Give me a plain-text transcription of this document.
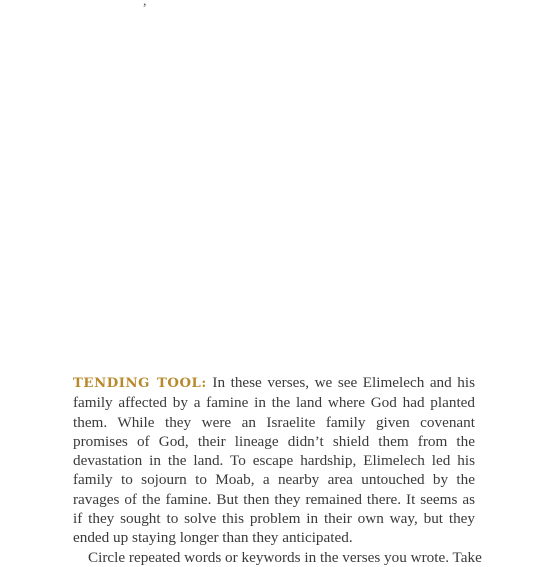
,

TENDING TOOL: In these verses, we see Elimelech and his family affected by a famine in the land where God had planted them. While they were an Israelite family given covenant promises of God, their lineage didn’t shield them from the devastation in the land. To escape hardship, Elimelech led his family to sojourn to Moab, a nearby area untouched by the ravages of the famine. But then they remained there. It seems as if they sought to solve this problem in their own way, but they ended up staying longer than they anticipated.

Circle repeated words or keywords in the verses you wrote. Take
